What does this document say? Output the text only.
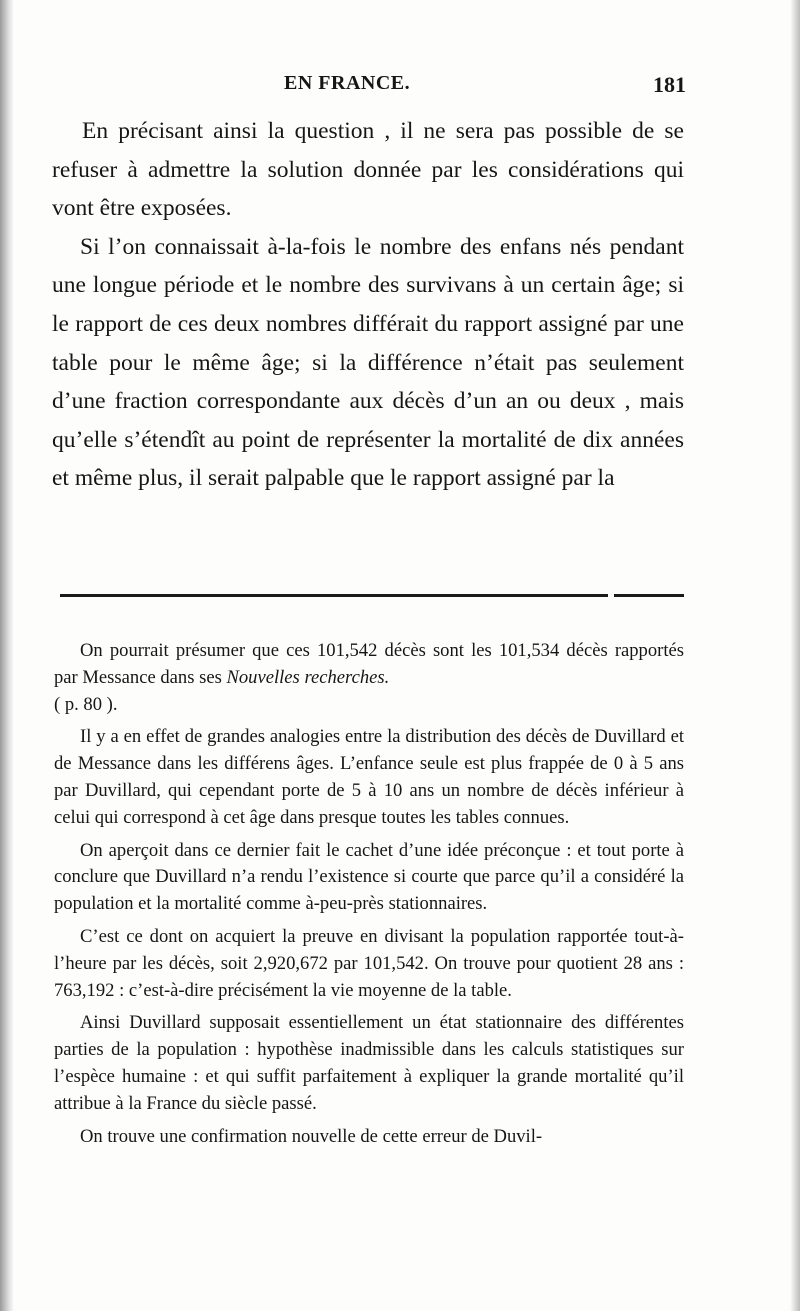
EN FRANCE.	181

En précisant ainsi la question , il ne sera pas possible de se refuser à admettre la solution donnée par les considérations qui vont être exposées.

Si l’on connaissait à-la-fois le nombre des enfans nés pendant une longue période et le nombre des survivans à un certain âge; si le rapport de ces deux nombres différait du rapport assigné par une table pour le même âge; si la différence n’était pas seulement d’une fraction correspondante aux décès d’un an ou deux , mais qu’elle s’étendît au point de représenter la mortalité de dix années et même plus, il serait palpable que le rapport assigné par la

On pourrait présumer que ces 101,542 décès sont les 101,534 décès rapportés par Messance dans ses Nouvelles recherches.
( p. 80 ).

Il y a en effet de grandes analogies entre la distribution des décès de Duvillard et de Messance dans les différens âges. L’enfance seule est plus frappée de 0 à 5 ans par Duvillard, qui cependant porte de 5 à 10 ans un nombre de décès inférieur à celui qui correspond à cet âge dans presque toutes les tables connues.

On aperçoit dans ce dernier fait le cachet d’une idée préconçue : et tout porte à conclure que Duvillard n’a rendu l’existence si courte que parce qu’il a considéré la population et la mortalité comme à-peu-près stationnaires.

C’est ce dont on acquiert la preuve en divisant la population rapportée tout-à-l’heure par les décès, soit 2,920,672 par 101,542. On trouve pour quotient 28 ans : 763,192 : c’est-à-dire précisément la vie moyenne de la table.

Ainsi Duvillard supposait essentiellement un état stationnaire des différentes parties de la population : hypothèse inadmissible dans les calculs statistiques sur l’espèce humaine : et qui suffit parfaitement à expliquer la grande mortalité qu’il attribue à la France du siècle passé.

On trouve une confirmation nouvelle de cette erreur de Duvil-
